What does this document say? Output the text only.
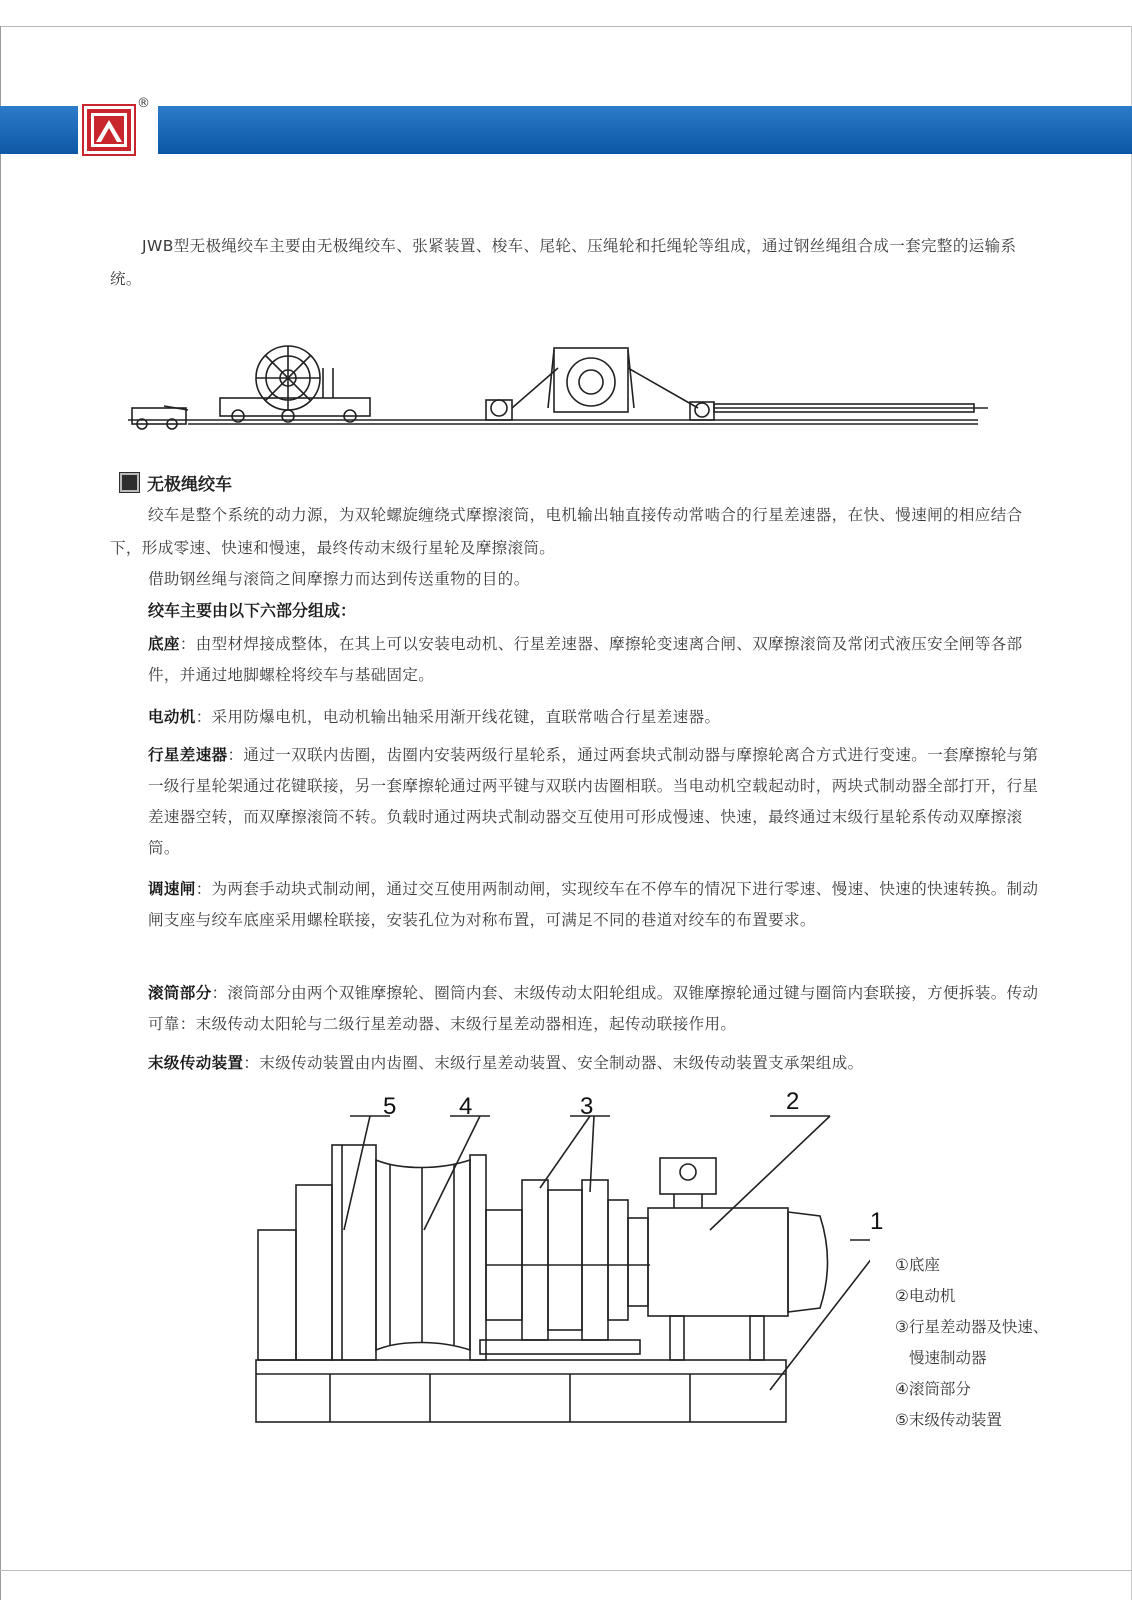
®

JWB型无极绳绞车主要由无极绳绞车、张紧装置、梭车、尾轮、压绳轮和托绳轮等组成，通过钢丝绳组合成一套完整的运输系统。

无极绳绞车

绞车是整个系统的动力源，为双轮螺旋缠绕式摩擦滚筒，电机输出轴直接传动常啮合的行星差速器，在快、慢速闸的相应结合下，形成零速、快速和慢速，最终传动末级行星轮及摩擦滚筒。

借助钢丝绳与滚筒之间摩擦力而达到传送重物的目的。

绞车主要由以下六部分组成：

底座：由型材焊接成整体，在其上可以安装电动机、行星差速器、摩擦轮变速离合闸、双摩擦滚筒及常闭式液压安全闸等各部件，并通过地脚螺栓将绞车与基础固定。

电动机：采用防爆电机，电动机输出轴采用渐开线花键，直联常啮合行星差速器。

行星差速器：通过一双联内齿圈，齿圈内安装两级行星轮系，通过两套块式制动器与摩擦轮离合方式进行变速。一套摩擦轮与第一级行星轮架通过花键联接，另一套摩擦轮通过两平键与双联内齿圈相联。当电动机空载起动时，两块式制动器全部打开，行星差速器空转，而双摩擦滚筒不转。负载时通过两块式制动器交互使用可形成慢速、快速，最终通过末级行星轮系传动双摩擦滚筒。

调速闸：为两套手动块式制动闸，通过交互使用两制动闸，实现绞车在不停车的情况下进行零速、慢速、快速的快速转换。制动闸支座与绞车底座采用螺栓联接，安装孔位为对称布置，可满足不同的巷道对绞车的布置要求。

滚筒部分：滚筒部分由两个双锥摩擦轮、圈筒内套、末级传动太阳轮组成。双锥摩擦轮通过键与圈筒内套联接，方便拆装。传动可靠：末级传动太阳轮与二级行星差动器、末级行星差动器相连，起传动联接作用。

末级传动装置：末级传动装置由内齿圈、末级行星差动装置、安全制动器、末级传动装置支承架组成。

5	4	3	2
1
①底座
②电动机
③行星差动器及快速、
慢速制动器
④滚筒部分
⑤末级传动装置
